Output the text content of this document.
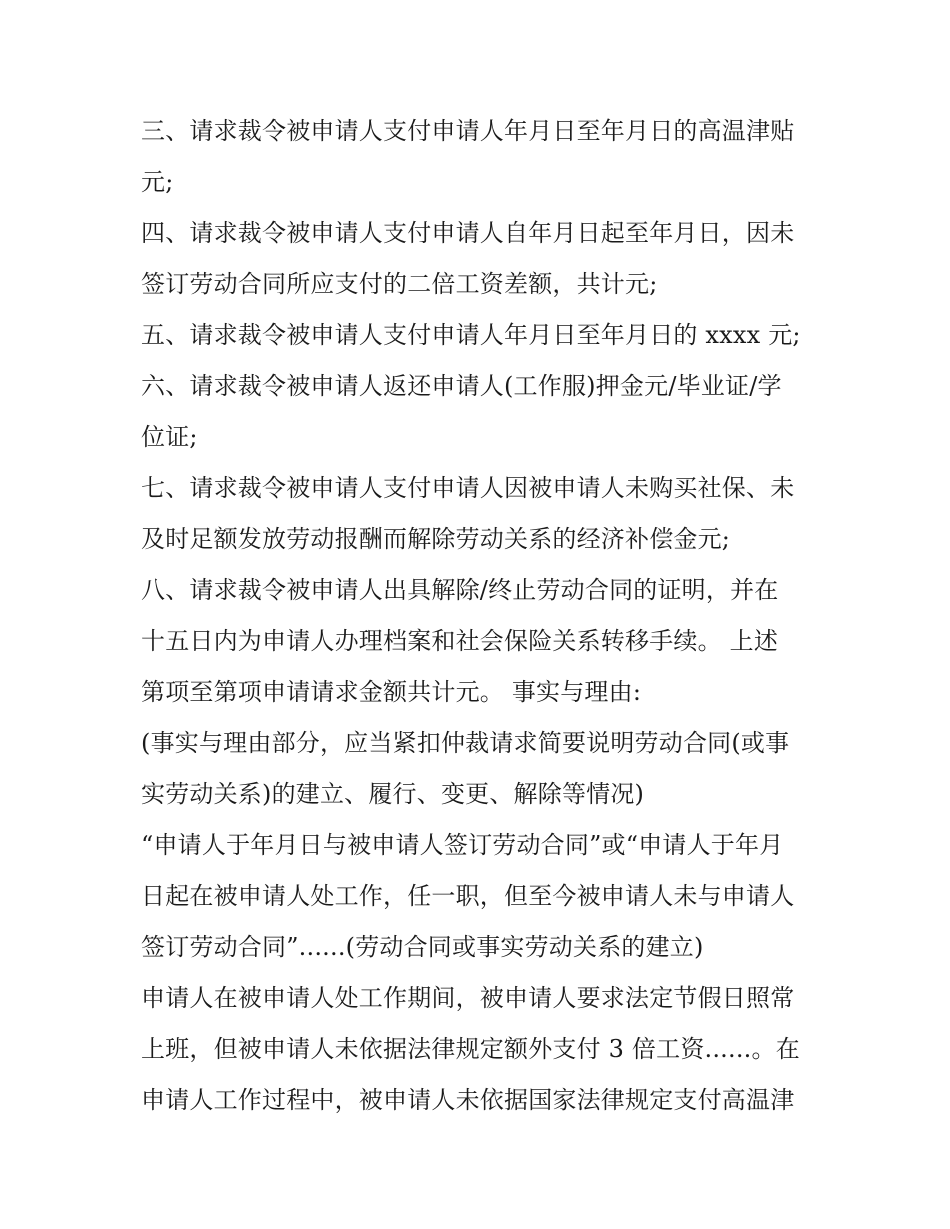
三、请求裁令被申请人支付申请人年月日至年月日的高温津贴
元;
四、请求裁令被申请人支付申请人自年月日起至年月日，因未
签订劳动合同所应支付的二倍工资差额，共计元;
五、请求裁令被申请人支付申请人年月日至年月日的 xxxx 元;
六、请求裁令被申请人返还申请人(工作服)押金元/毕业证/学
位证;
七、请求裁令被申请人支付申请人因被申请人未购买社保、未
及时足额发放劳动报酬而解除劳动关系的经济补偿金元;
八、请求裁令被申请人出具解除/终止劳动合同的证明，并在
十五日内为申请人办理档案和社会保险关系转移手续。 上述
第项至第项申请请求金额共计元。 事实与理由:
(事实与理由部分，应当紧扣仲裁请求简要说明劳动合同(或事
实劳动关系)的建立、履行、变更、解除等情况)
“申请人于年月日与被申请人签订劳动合同”或“申请人于年月
日起在被申请人处工作，任一职，但至今被申请人未与申请人
签订劳动合同”......(劳动合同或事实劳动关系的建立)
申请人在被申请人处工作期间，被申请人要求法定节假日照常
上班，但被申请人未依据法律规定额外支付 3 倍工资......。在
申请人工作过程中，被申请人未依据国家法律规定支付高温津
